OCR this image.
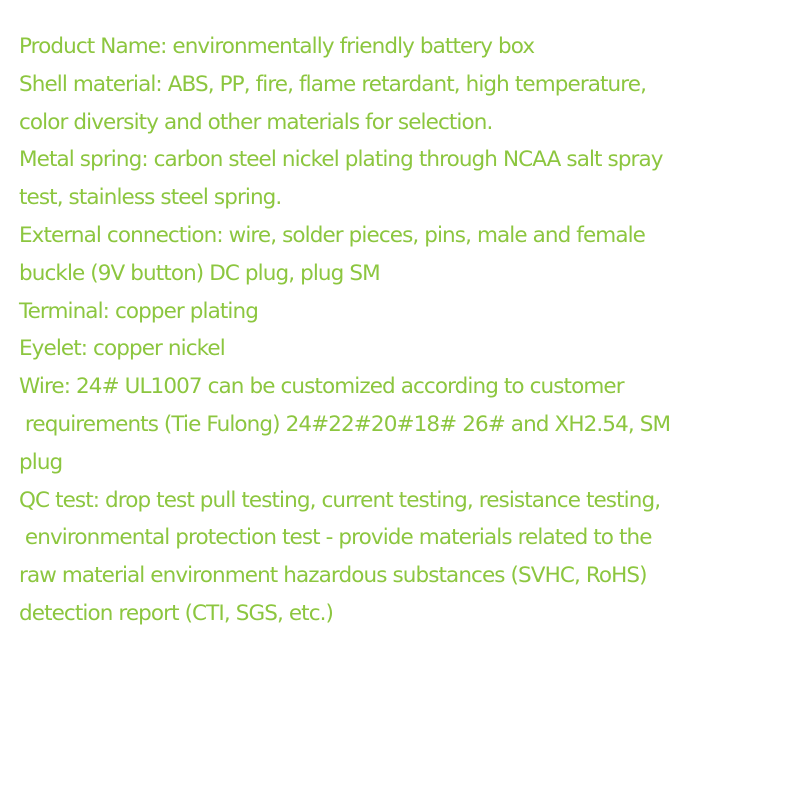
Product Name: environmentally friendly battery box
Shell material: ABS, PP, fire, flame retardant, high temperature,
color diversity and other materials for selection.
Metal spring: carbon steel nickel plating through NCAA salt spray
test, stainless steel spring.
External connection: wire, solder pieces, pins, male and female
buckle (9V button) DC plug, plug SM
Terminal: copper plating
Eyelet: copper nickel
Wire: 24# UL1007 can be customized according to customer
requirements (Tie Fulong) 24#22#20#18# 26# and XH2.54, SM
plug
QC test: drop test pull testing, current testing, resistance testing,
environmental protection test - provide materials related to the
raw material environment hazardous substances (SVHC, RoHS)
detection report (CTI, SGS, etc.)
